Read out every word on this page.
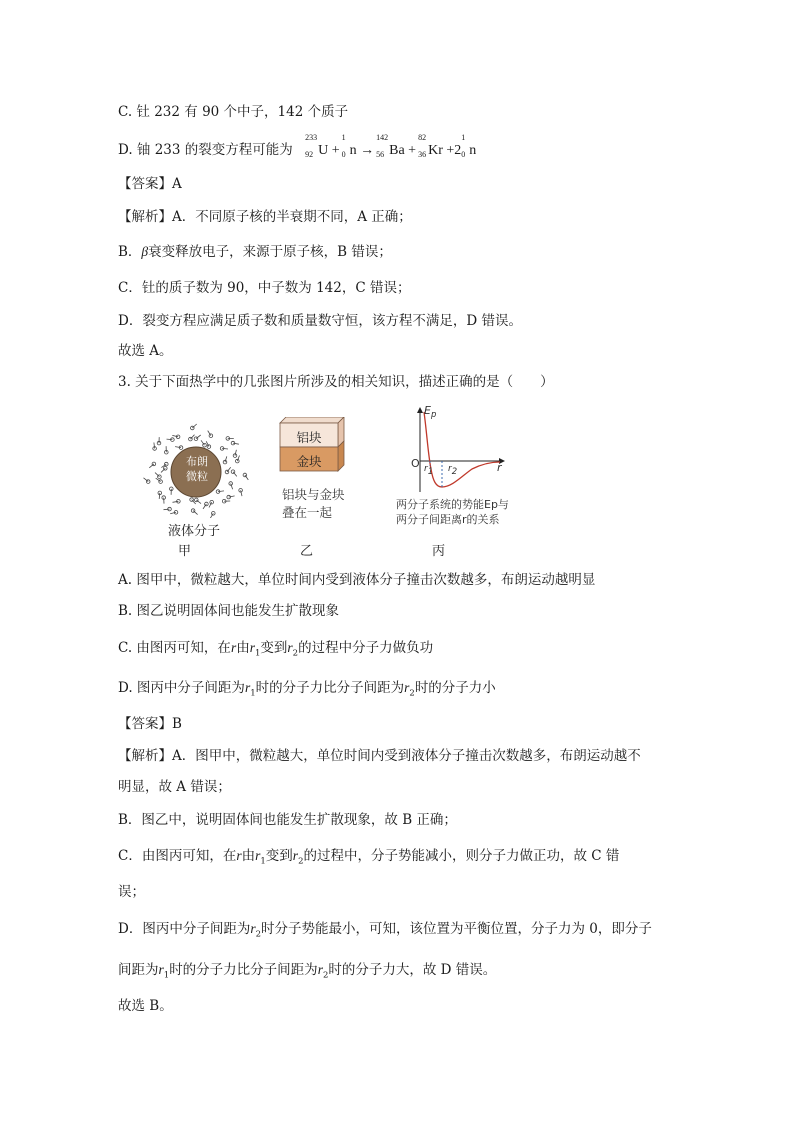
C. 钍 232 有 90 个中子，142 个质子
D. 铀 233 的裂变方程可能为
233
92 U +
1
0 n →
142
56 Ba +
82
36 Kr +2
1
0 n
【答案】A
【解析】A．不同原子核的半衰期不同，A 正确；
B．β衰变释放电子，来源于原子核，B 错误；
C．钍的质子数为 90，中子数为 142，C 错误；
D．裂变方程应满足质子数和质量数守恒，该方程不满足，D 错误。
故选 A。
3. 关于下面热学中的几张图片所涉及的相关知识，描述正确的是（　　）
布朗
微粒
液体分子
甲
铝块
金块
铝块与金块
叠在一起
乙
$E_p$
O $r_1$ $r_2$	r
两分子系统的势能Ep与
两分子间距离r的关系
丙
A. 图甲中，微粒越大，单位时间内受到液体分子撞击次数越多，布朗运动越明显
B. 图乙说明固体间也能发生扩散现象
C. 由图丙可知，在r由$r_1$变到$r_2$的过程中分子力做负功
D. 图丙中分子间距为$r_1$时的分子力比分子间距为$r_2$时的分子力小
【答案】B
【解析】A．图甲中，微粒越大，单位时间内受到液体分子撞击次数越多，布朗运动越不
明显，故 A 错误；
B．图乙中，说明固体间也能发生扩散现象，故 B 正确；
C．由图丙可知，在r由$r_1$变到$r_2$的过程中，分子势能减小，则分子力做正功，故 C 错
误；
D．图丙中分子间距为$r_2$时分子势能最小，可知，该位置为平衡位置，分子力为 0，即分子
间距为$r_1$时的分子力比分子间距为$r_2$时的分子力大，故 D 错误。
故选 B。
